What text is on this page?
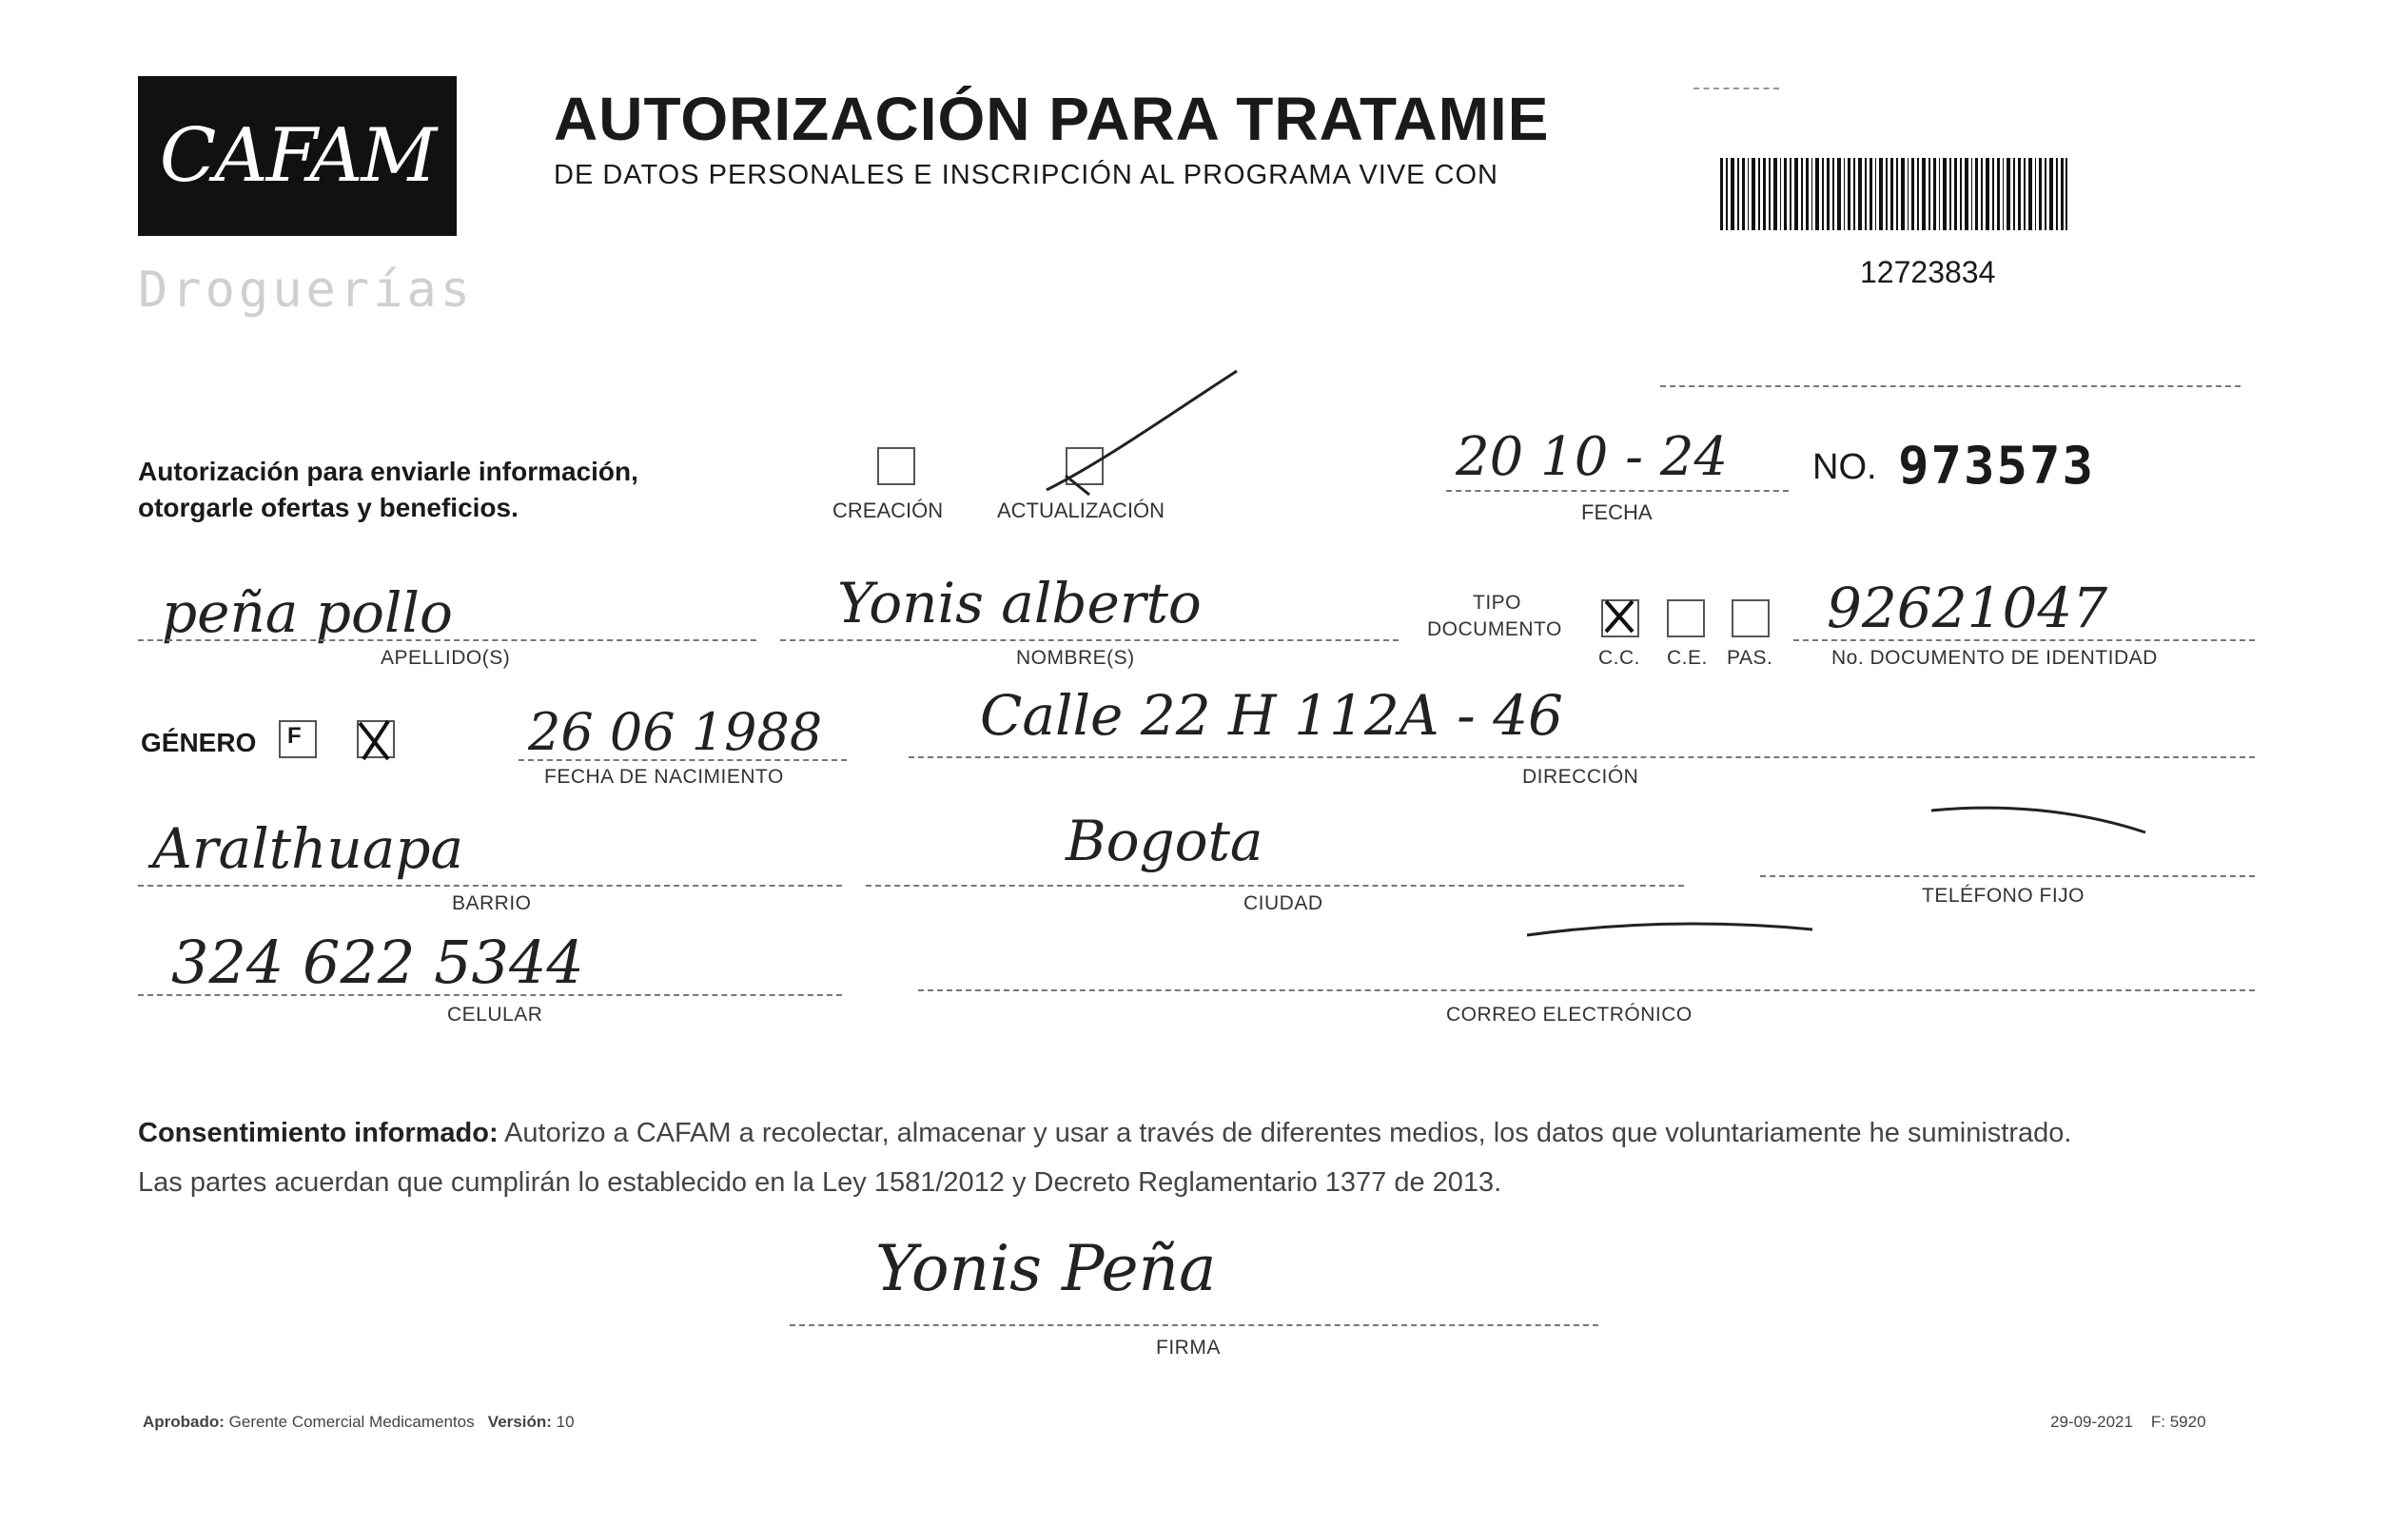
CAFAM
Droguerías
AUTORIZACIÓN PARA TRATAMIE
DE DATOS PERSONALES E INSCRIPCIÓN AL PROGRAMA VIVE CON
12723834
Autorización para enviarle información,
otorgarle ofertas y beneficios.	CREACIÓN	ACTUALIZACIÓN
20 10 - 24
FECHA
NO. 973573
peña pollo
APELLIDO(S)
Yonis alberto
NOMBRE(S)
TIPO
DOCUMENTO
C.C. C.E. PAS.
92621047
No. DOCUMENTO DE IDENTIDAD
GÉNERO F	26 06 1988
FECHA DE NACIMIENTO
Calle 22 H 112A - 46
DIRECCIÓN
Aralthuapa
BARRIO
Bogota
CIUDAD	TELÉFONO FIJO
324 622 5344
CELULAR	CORREO ELECTRÓNICO
Consentimiento informado: Autorizo a CAFAM a recolectar, almacenar y usar a través de diferentes medios, los datos que voluntariamente he suministrado.
Las partes acuerdan que cumplirán lo establecido en la Ley 1581/2012 y Decreto Reglamentario 1377 de 2013.
Yonis Peña
FIRMA
Aprobado: Gerente Comercial Medicamentos Versión: 10	29-09-2021 F: 5920
